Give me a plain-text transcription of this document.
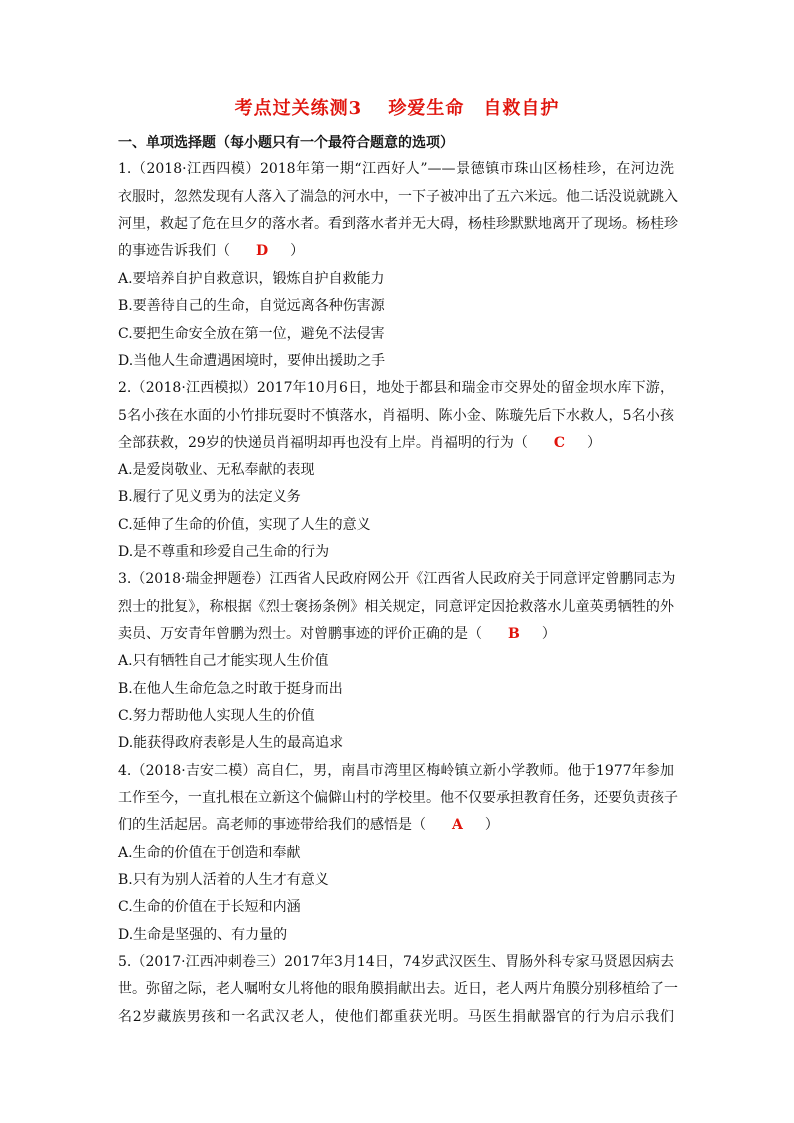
考点过关练测3　 珍爱生命　自救自护
一、单项选择题（每小题只有一个最符合题意的选项）
1.（2018·江西四模）2018年第一期“江西好人”——景德镇市珠山区杨桂珍，在河边洗
衣服时，忽然发现有人落入了湍急的河水中，一下子被冲出了五六米远。他二话没说就跳入
河里，救起了危在旦夕的落水者。看到落水者并无大碍，杨桂珍默默地离开了现场。杨桂珍
的事迹告诉我们（ D ）
A.要培养自护自救意识，锻炼自护自救能力
B.要善待自己的生命，自觉远离各种伤害源
C.要把生命安全放在第一位，避免不法侵害
D.当他人生命遭遇困境时，要伸出援助之手
2.（2018·江西模拟）2017年10月6日，地处于都县和瑞金市交界处的留金坝水库下游，
5名小孩在水面的小竹排玩耍时不慎落水，肖福明、陈小金、陈璇先后下水救人，5名小孩
全部获救，29岁的快递员肖福明却再也没有上岸。肖福明的行为（ C ）
A.是爱岗敬业、无私奉献的表现
B.履行了见义勇为的法定义务
C.延伸了生命的价值，实现了人生的意义
D.是不尊重和珍爱自己生命的行为
3.（2018·瑞金押题卷）江西省人民政府网公开《江西省人民政府关于同意评定曾鹏同志为
烈士的批复》，称根据《烈士褒扬条例》相关规定，同意评定因抢救落水儿童英勇牺牲的外
卖员、万安青年曾鹏为烈士。对曾鹏事迹的评价正确的是（ B ）
A.只有牺牲自己才能实现人生价值
B.在他人生命危急之时敢于挺身而出
C.努力帮助他人实现人生的价值
D.能获得政府表彰是人生的最高追求
4.（2018·吉安二模）高自仁，男，南昌市湾里区梅岭镇立新小学教师。他于1977年参加
工作至今，一直扎根在立新这个偏僻山村的学校里。他不仅要承担教育任务，还要负责孩子
们的生活起居。高老师的事迹带给我们的感悟是（ A ）
A.生命的价值在于创造和奉献
B.只有为别人活着的人生才有意义
C.生命的价值在于长短和内涵
D.生命是坚强的、有力量的
5.（2017·江西冲刺卷三）2017年3月14日，74岁武汉医生、胃肠外科专家马贤恩因病去
世。弥留之际，老人嘱咐女儿将他的眼角膜捐献出去。近日，老人两片角膜分别移植给了一
名2岁藏族男孩和一名武汉老人，使他们都重获光明。马医生捐献器官的行为启示我们
